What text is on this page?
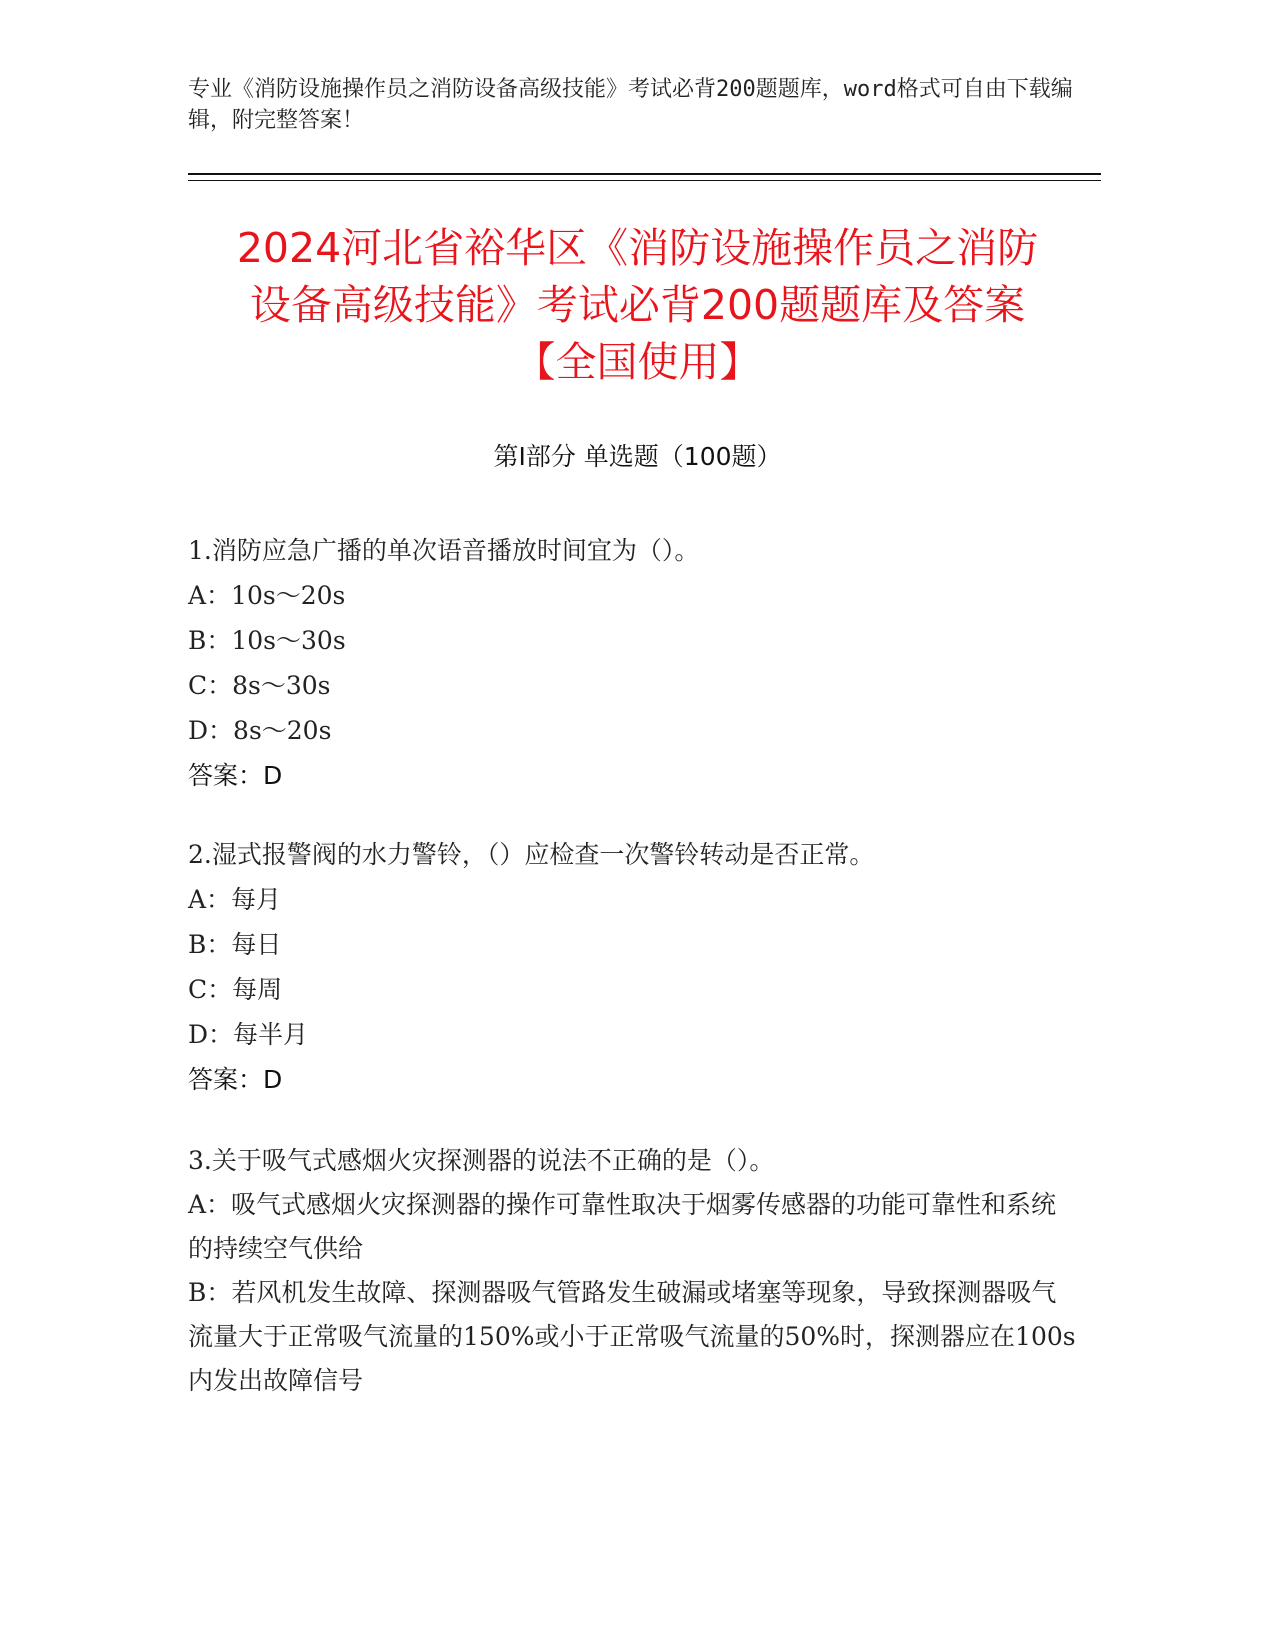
专业《消防设施操作员之消防设备高级技能》考试必背200题题库，word格式可自由下载编辑，附完整答案！
2024河北省裕华区《消防设施操作员之消防
设备高级技能》考试必背200题题库及答案
【全国使用】
第Ⅰ部分 单选题（100题）
1.消防应急广播的单次语音播放时间宜为（）。
A：10s～20s
B：10s～30s
C：8s～30s
D：8s～20s
答案：D
2.湿式报警阀的水力警铃，（）应检查一次警铃转动是否正常。
A：每月
B：每日
C：每周
D：每半月
答案：D
3.关于吸气式感烟火灾探测器的说法不正确的是（）。
A：吸气式感烟火灾探测器的操作可靠性取决于烟雾传感器的功能可靠性和系统的持续空气供给
B：若风机发生故障、探测器吸气管路发生破漏或堵塞等现象，导致探测器吸气流量大于正常吸气流量的150%或小于正常吸气流量的50%时，探测器应在100s内发出故障信号
